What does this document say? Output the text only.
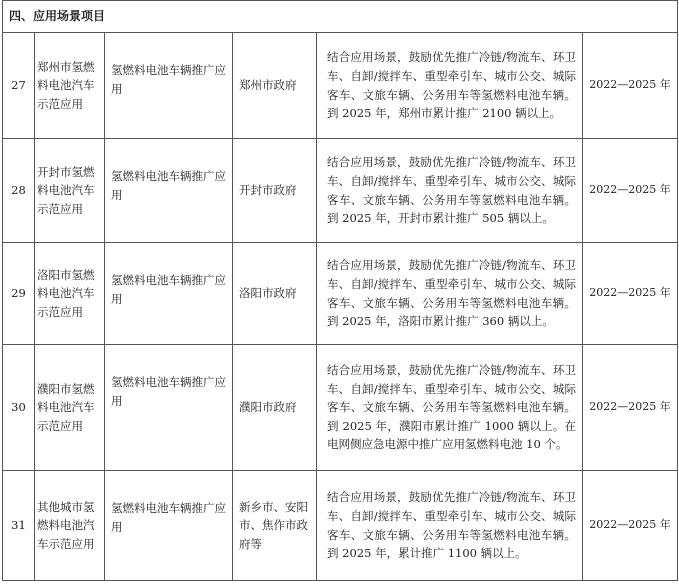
四、应用场景项目					
27	郑州市氢燃料电池汽车示范应用	氢燃料电池车辆推广应用	郑州市政府	结合应用场景，鼓励优先推广冷链/物流车、环卫车、自卸/搅拌车、重型牵引车、城市公交、城际客车、文旅车辆、公务用车等氢燃料电池车辆。到 2025 年，郑州市累计推广 2100 辆以上。	2022—2025 年
28	开封市氢燃料电池汽车示范应用	氢燃料电池车辆推广应用	开封市政府	结合应用场景，鼓励优先推广冷链/物流车、环卫车、自卸/搅拌车、重型牵引车、城市公交、城际客车、文旅车辆、公务用车等氢燃料电池车辆。到 2025 年，开封市累计推广 505 辆以上。	2022—2025 年
29	洛阳市氢燃料电池汽车示范应用	氢燃料电池车辆推广应用	洛阳市政府	结合应用场景，鼓励优先推广冷链/物流车、环卫车、自卸/搅拌车、重型牵引车、城市公交、城际客车、文旅车辆、公务用车等氢燃料电池车辆。到 2025 年，洛阳市累计推广 360 辆以上。	2022—2025 年
30	濮阳市氢燃料电池汽车示范应用	氢燃料电池车辆推广应用	濮阳市政府	结合应用场景，鼓励优先推广冷链/物流车、环卫车、自卸/搅拌车、重型牵引车、城市公交、城际客车、文旅车辆、公务用车等氢燃料电池车辆。到 2025 年，濮阳市累计推广 1000 辆以上。在电网侧应急电源中推广应用氢燃料电池 10 个。	2022—2025 年
31	其他城市氢燃料电池汽车示范应用	氢燃料电池车辆推广应用	新乡市、安阳市、焦作市政府等	结合应用场景，鼓励优先推广冷链/物流车、环卫车、自卸/搅拌车、重型牵引车、城市公交、城际客车、文旅车辆、公务用车等氢燃料电池车辆。到 2025 年，累计推广 1100 辆以上。	2022—2025 年
